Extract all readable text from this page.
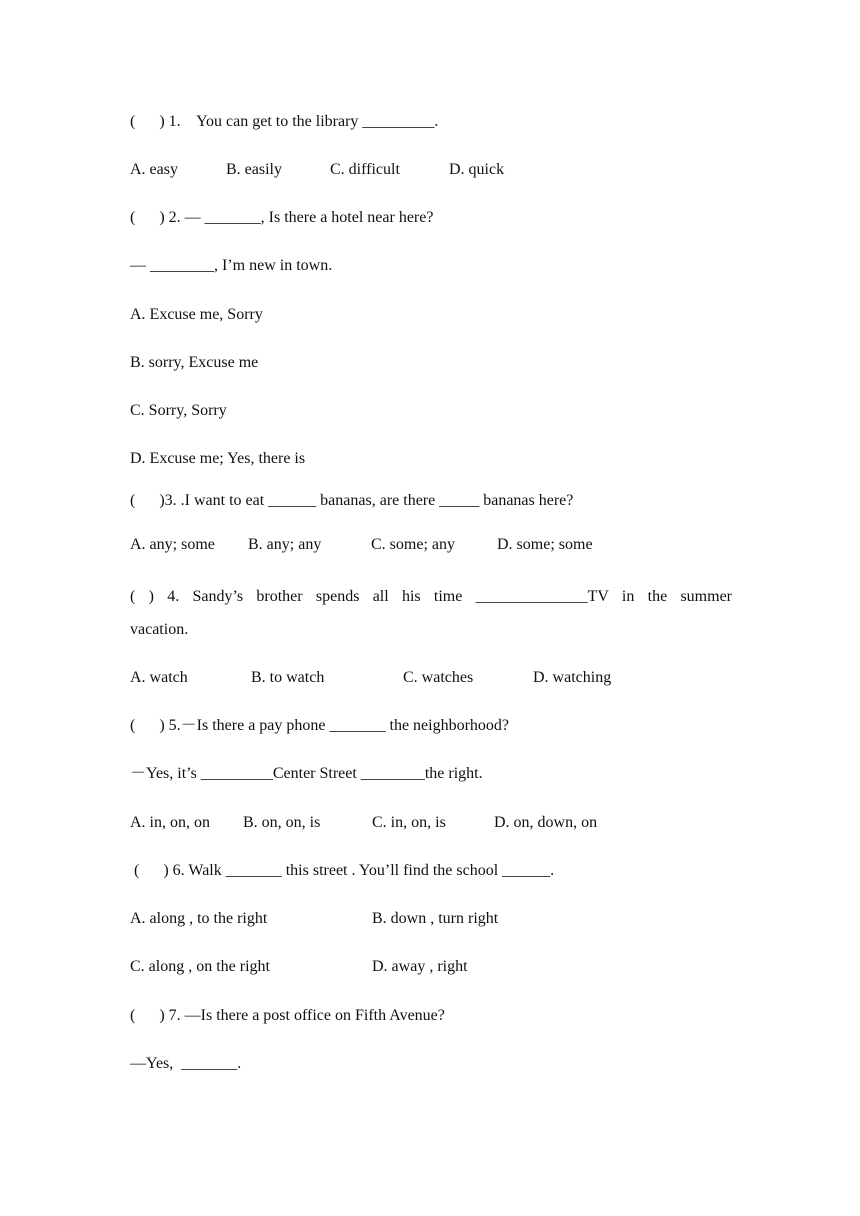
(      ) 1.    You can get to the library _________.
A. easy	B. easily	C. difficult	D. quick
(      ) 2. — _______, Is there a hotel near here?
— ________, I’m new in town.
A. Excuse me, Sorry
B. sorry, Excuse me
C. Sorry, Sorry
D. Excuse me; Yes, there is
(      )3. .I want to eat ______ bananas, are there _____ bananas here?
A. any; some B. any; any	C. some; any	D. some; some
( ) 4. Sandy’s brother spends all his time ______________TV in the summer
vacation.
A. watch	B. to watch	C. watches	D. watching
(      ) 5.－Is there a pay phone _______ the neighborhood?
－Yes, it’s _________Center Street ________the right.
A. in, on, on B. on, on, is	C. in, on, is	D. on, down, on
(      ) 6. Walk _______ this street . You’ll find the school ______.
A. along , to the right	B. down , turn right
C. along , on the right	D. away , right
(      ) 7. —Is there a post office on Fifth Avenue?
—Yes,  _______.
